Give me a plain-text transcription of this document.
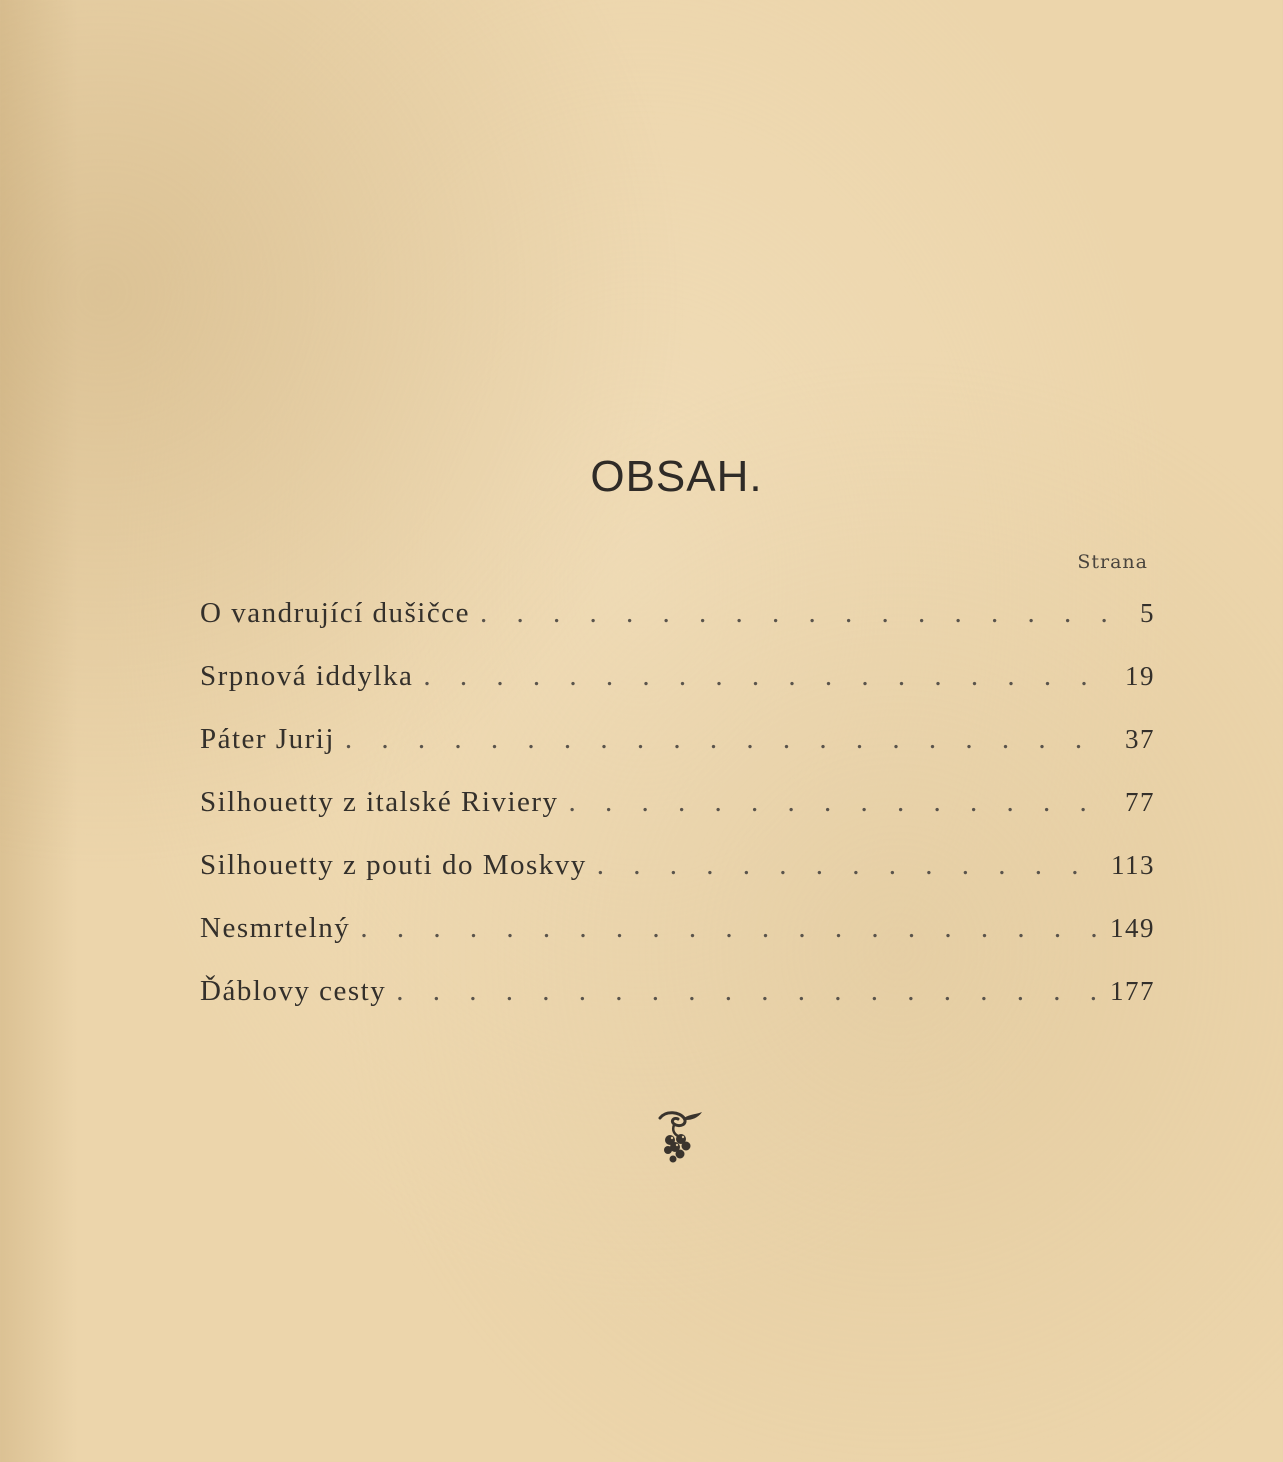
OBSAH.
Strana
O vandrující dušičce . . .	5
Srpnová iddylka . . .	19
Páter Jurij . . .	37
Silhouetty z italské Riviery . . .	77
Silhouetty z pouti do Moskvy . . .	113
Nesmrtelný . . .	149
Ďáblovy cesty . . .	177
